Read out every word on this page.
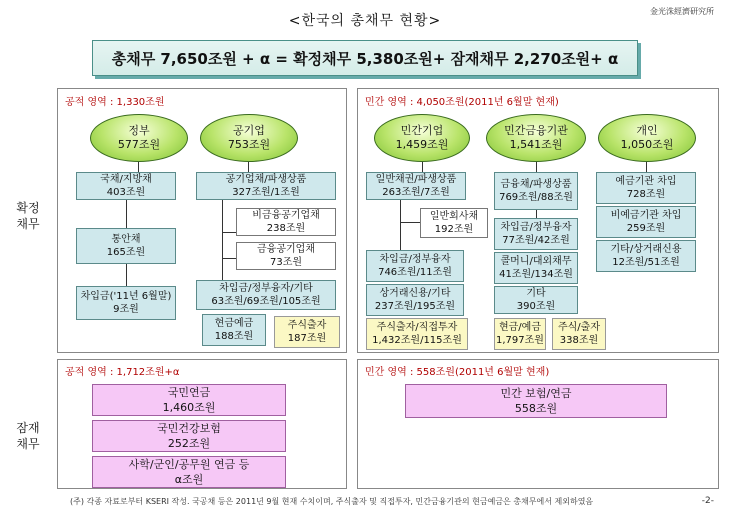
<한국의 총채무 현황>
金光洙經濟研究所
총채무 7,650조원 + α = 확정채무 5,380조원+ 잠재채무 2,270조원+ α
확정
채무
잠재
채무
공적 영역 : 1,330조원
정부
577조원
공기업
753조원
국채/지방채
403조원
통안채
165조원
차입금('11년 6월말)
9조원
공기업채/파생상품
327조원/1조원
비금융공기업채
238조원
금융공기업채
73조원
차입금/정부융자/기타
63조원/69조원/105조원
현금예금
188조원
주식출자
187조원
민간 영역 : 4,050조원(2011년 6월말 현재)
민간기업
1,459조원
민간금융기관
1,541조원
개인
1,050조원
일반채권/파생상품
263조원/7조원
일반회사채
192조원
차입금/정부융자
746조원/11조원
상거래신용/기타
237조원/195조원
주식출자/직접투자
1,432조원/115조원
금융채/파생상품
769조원/88조원
차입금/정부융자
77조원/42조원
콜머니/대외채무
41조원/134조원
기타
390조원
현금/예금
1,797조원
주식/출자
338조원
예금기관 차입
728조원
비예금기관 차입
259조원
기타/상거래신용
12조원/51조원
공적 영역 : 1,712조원+α
국민연금
1,460조원
국민건강보험
252조원
사학/군인/공무원 연금 등
α조원
민간 영역 : 558조원(2011년 6월말 현재)
민간 보험/연금
558조원
(주) 각종 자료로부터 KSERI 작성. 국공채 등은 2011년 9월 현재 수치이며, 주식출자 및 직접투자, 민간금융기관의 현금예금은 총채무에서 제외하였음	-2-
